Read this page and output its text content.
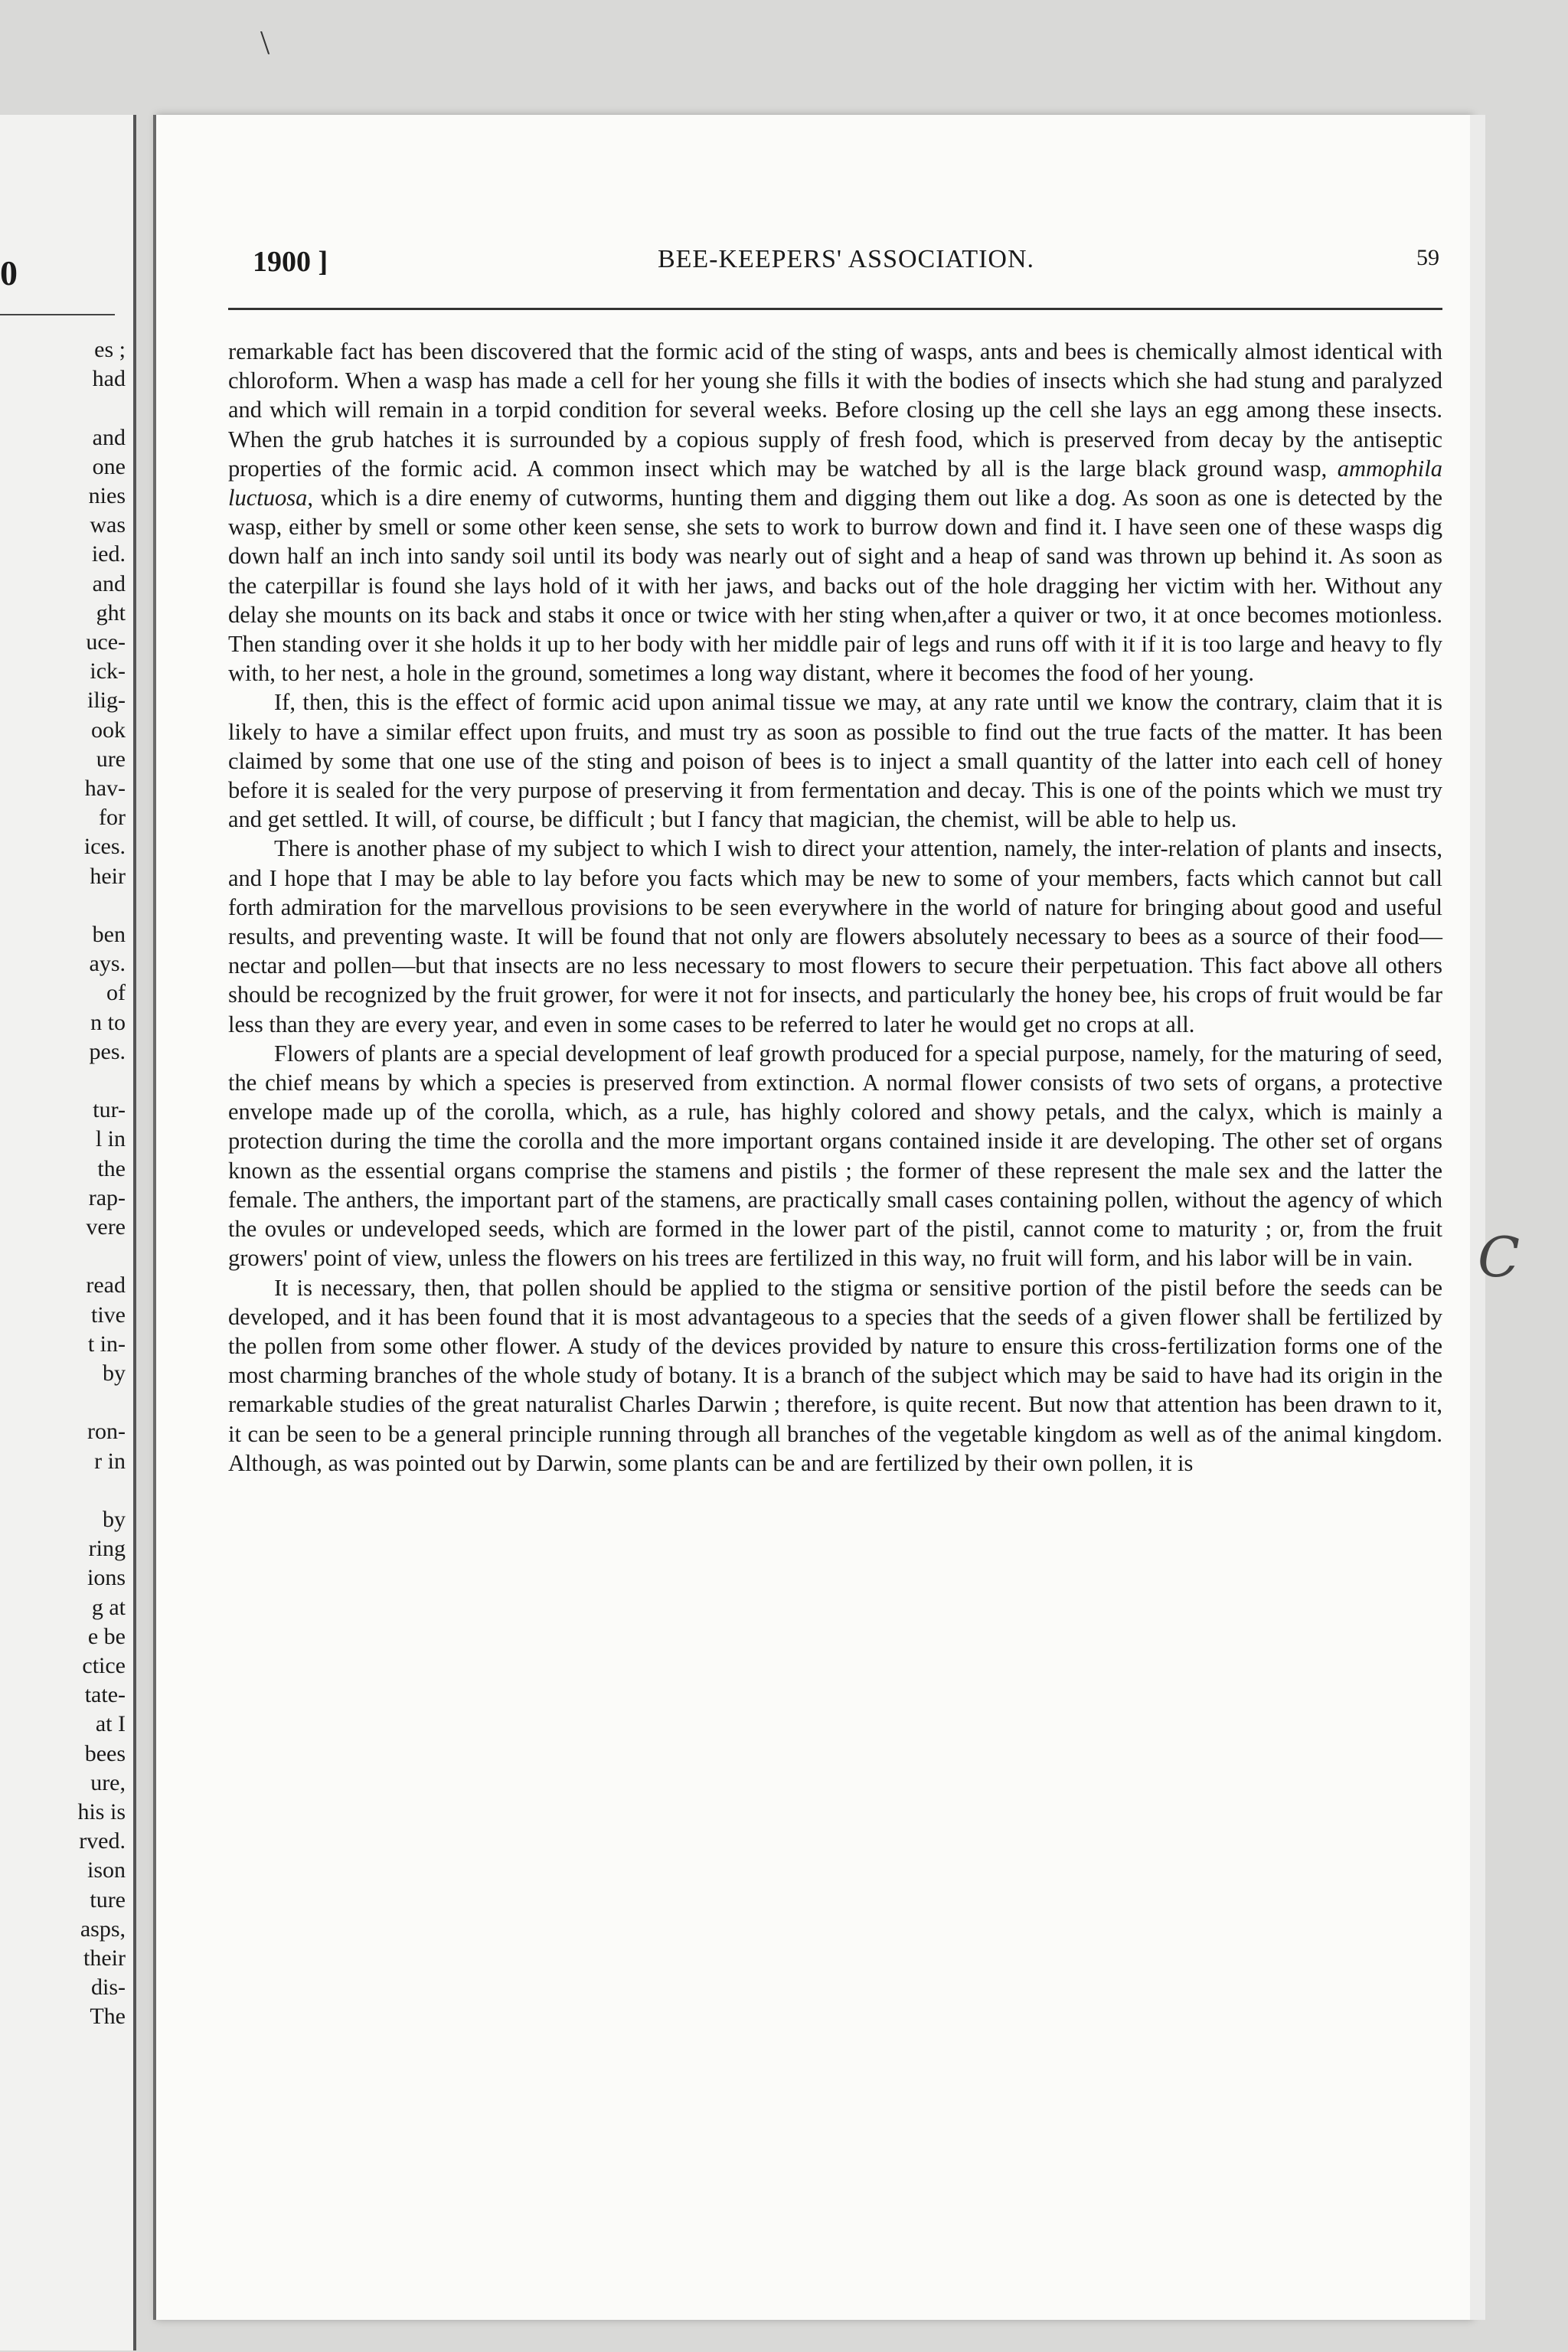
\
0
es ;
had
and
one
nies
was
ied.
and
ght
uce-
ick-
ilig-
ook
ure
hav-
for
ices.
heir
ben
ays.
of
n to
pes.
tur-
l in
the
rap-
vere
read
tive
t in-
by
ron-
r in
by
ring
ions
g at
e be
ctice
tate-
at I
bees
ure,
his is
rved.
ison
ture
asps,
their
dis-
The
BEE-KEEPERS' ASSOCIATION.
1900 ]	59

remarkable fact has been discovered that the formic acid of the sting of wasps, ants and bees is chemically almost identical with chloroform. When a wasp has made a cell for her young she fills it with the bodies of insects which she had stung and paralyzed and which will remain in a torpid condition for several weeks. Before closing up the cell she lays an egg among these insects. When the grub hatches it is surrounded by a copious supply of fresh food, which is preserved from decay by the antiseptic properties of the formic acid. A common insect which may be watched by all is the large black ground wasp, ammophila luctuosa, which is a dire enemy of cutworms, hunting them and digging them out like a dog. As soon as one is detected by the wasp, either by smell or some other keen sense, she sets to work to burrow down and find it. I have seen one of these wasps dig down half an inch into sandy soil until its body was nearly out of sight and a heap of sand was thrown up behind it. As soon as the caterpillar is found she lays hold of it with her jaws, and backs out of the hole dragging her victim with her. Without any delay she mounts on its back and stabs it once or twice with her sting when,after a quiver or two, it at once becomes motionless. Then standing over it she holds it up to her body with her middle pair of legs and runs off with it if it is too large and heavy to fly with, to her nest, a hole in the ground, sometimes a long way distant, where it becomes the food of her young.

If, then, this is the effect of formic acid upon animal tissue we may, at any rate until we know the contrary, claim that it is likely to have a similar effect upon fruits, and must try as soon as possible to find out the true facts of the matter. It has been claimed by some that one use of the sting and poison of bees is to inject a small quantity of the latter into each cell of honey before it is sealed for the very purpose of preserving it from fermentation and decay. This is one of the points which we must try and get settled. It will, of course, be difficult ; but I fancy that magician, the chemist, will be able to help us.

There is another phase of my subject to which I wish to direct your attention, namely, the inter-relation of plants and insects, and I hope that I may be able to lay before you facts which may be new to some of your members, facts which cannot but call forth admiration for the marvellous provisions to be seen everywhere in the world of nature for bringing about good and useful results, and preventing waste. It will be found that not only are flowers absolutely necessary to bees as a source of their food—nectar and pollen—but that insects are no less necessary to most flowers to secure their perpetuation. This fact above all others should be recognized by the fruit grower, for were it not for insects, and particularly the honey bee, his crops of fruit would be far less than they are every year, and even in some cases to be referred to later he would get no crops at all.

Flowers of plants are a special development of leaf growth produced for a special purpose, namely, for the maturing of seed, the chief means by which a species is preserved from extinction. A normal flower consists of two sets of organs, a protective envelope made up of the corolla, which, as a rule, has highly colored and showy petals, and the calyx, which is mainly a protection during the time the corolla and the more important organs contained inside it are developing. The other set of organs known as the essential organs comprise the stamens and pistils ; the former of these represent the male sex and the latter the female. The anthers, the important part of the stamens, are practically small cases containing pollen, without the agency of which the ovules or undeveloped seeds, which are formed in the lower part of the pistil, cannot come to maturity ; or, from the fruit growers' point of view, unless the flowers on his trees are fertilized in this way, no fruit will form, and his labor will be in vain.

It is necessary, then, that pollen should be applied to the stigma or sensitive portion of the pistil before the seeds can be developed, and it has been found that it is most advantageous to a species that the seeds of a given flower shall be fertilized by the pollen from some other flower. A study of the devices provided by nature to ensure this cross-fertilization forms one of the most charming branches of the whole study of botany. It is a branch of the subject which may be said to have had its origin in the remarkable studies of the great naturalist Charles Darwin ; therefore, is quite recent. But now that attention has been drawn to it, it can be seen to be a general principle running through all branches of the vegetable kingdom as well as of the animal kingdom. Although, as was pointed out by Darwin, some plants can be and are fertilized by their own pollen, it is

C
